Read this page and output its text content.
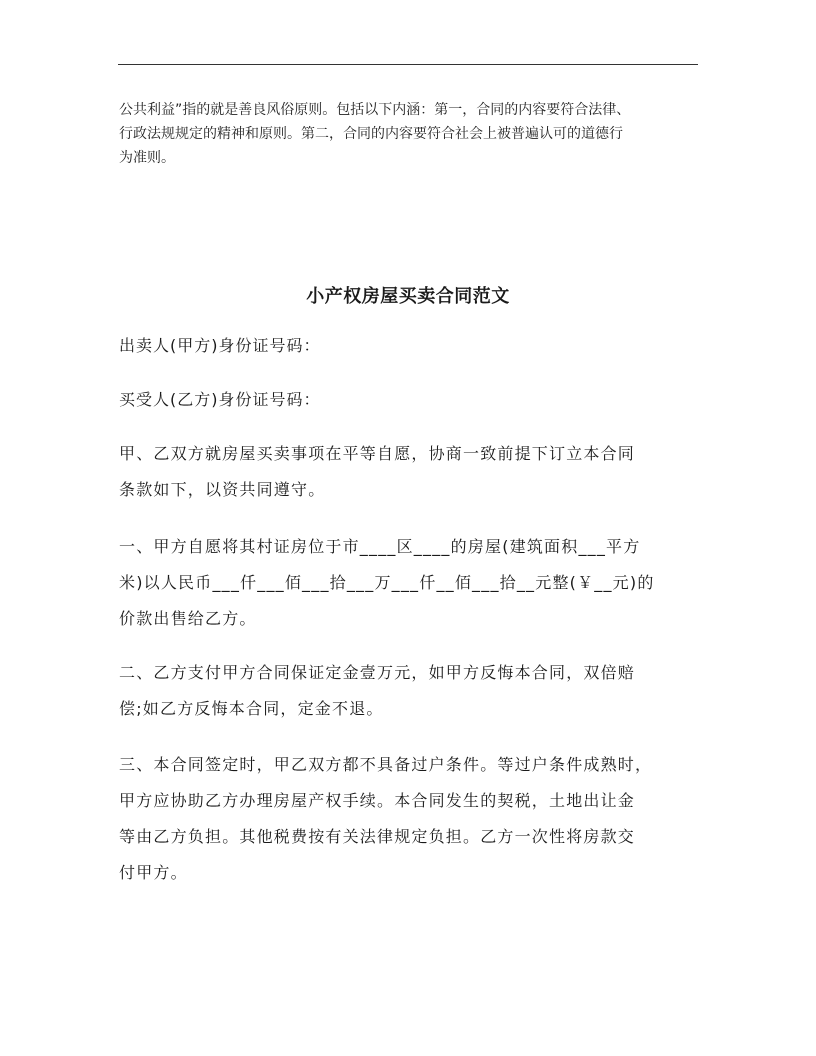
公共利益”指的就是善良风俗原则。包括以下内涵：第一，合同的内容要符合法律、
行政法规规定的精神和原则。第二，合同的内容要符合社会上被普遍认可的道德行
为准则。

小产权房屋买卖合同范文

出卖人(甲方)身份证号码：

买受人(乙方)身份证号码：

甲、乙双方就房屋买卖事项在平等自愿，协商一致前提下订立本合同
条款如下，以资共同遵守。

一、甲方自愿将其村证房位于市____区____的房屋(建筑面积___平方
米)以人民币___仟___佰___拾___万___仟__佰___拾__元整(￥__元)的
价款出售给乙方。

二、乙方支付甲方合同保证定金壹万元，如甲方反悔本合同，双倍赔
偿;如乙方反悔本合同，定金不退。

三、本合同签定时，甲乙双方都不具备过户条件。等过户条件成熟时，
甲方应协助乙方办理房屋产权手续。本合同发生的契税，土地出让金
等由乙方负担。其他税费按有关法律规定负担。乙方一次性将房款交
付甲方。
